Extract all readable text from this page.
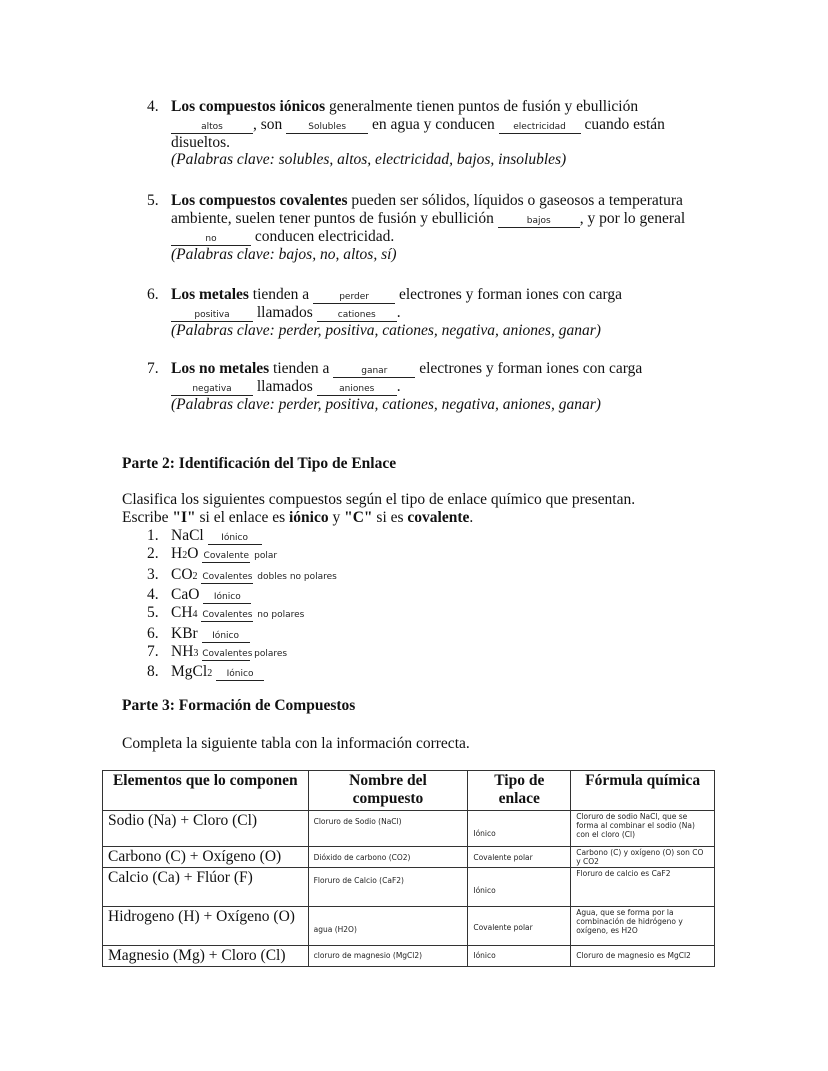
4. Los compuestos iónicos generalmente tienen puntos de fusión y ebullición
altos , son Solubles en agua y conducen electricidad cuando están disueltos.
(Palabras clave: solubles, altos, electricidad, bajos, insolubles)
5. Los compuestos covalentes pueden ser sólidos, líquidos o gaseosos a temperatura ambiente, suelen tener puntos de fusión y ebullición	bajos , y por lo general no conducen electricidad.
(Palabras clave: bajos, no, altos, sí)
6. Los metales tienden a	perder electrones y forman iones con carga
positiva llamados cationes .
(Palabras clave: perder, positiva, cationes, negativa, aniones, ganar)
7. Los no metales tienden a	ganar electrones y forman iones con carga
negativa llamados aniones .
(Palabras clave: perder, positiva, cationes, negativa, aniones, ganar)
Parte 2: Identificación del Tipo de Enlace
Clasifica los siguientes compuestos según el tipo de enlace químico que presentan.
Escribe "I" si el enlace es iónico y "C" si es covalente.
1. NaCl Iónico
2. H2O Covalente polar
3. CO2 Covalentes dobles no polares
4. CaO Iónico
5. CH4 Covalentes no polares
6. KBr Iónico
7. NH3 Covalentes polares
8. MgCl2 Iónico
Parte 3: Formación de Compuestos
Completa la siguiente tabla con la información correcta.
Elementos que lo componen	Nombre del compuesto	Tipo de enlace	Fórmula química
Sodio (Na) + Cloro (Cl)	Cloruro de Sodio (NaCl)	Iónico	Cloruro de sodio NaCl, que se forma al combinar el sodio (Na) con el cloro (Cl)
Carbono (C) + Oxígeno (O)	Dióxido de carbono (CO2)	Covalente polar	Carbono (C) y oxígeno (O) son CO y CO2
Calcio (Ca) + Flúor (F)	Floruro de Calcio (CaF2)	Iónico	Floruro de calcio es CaF2
Hidrogeno (H) + Oxígeno (O)	agua (H2O)	Covalente polar	Agua, que se forma por la combinación de hidrógeno y oxígeno, es H2O
Magnesio (Mg) + Cloro (Cl)	cloruro de magnesio (MgCl2)	Iónico	Cloruro de magnesio es MgCl2
